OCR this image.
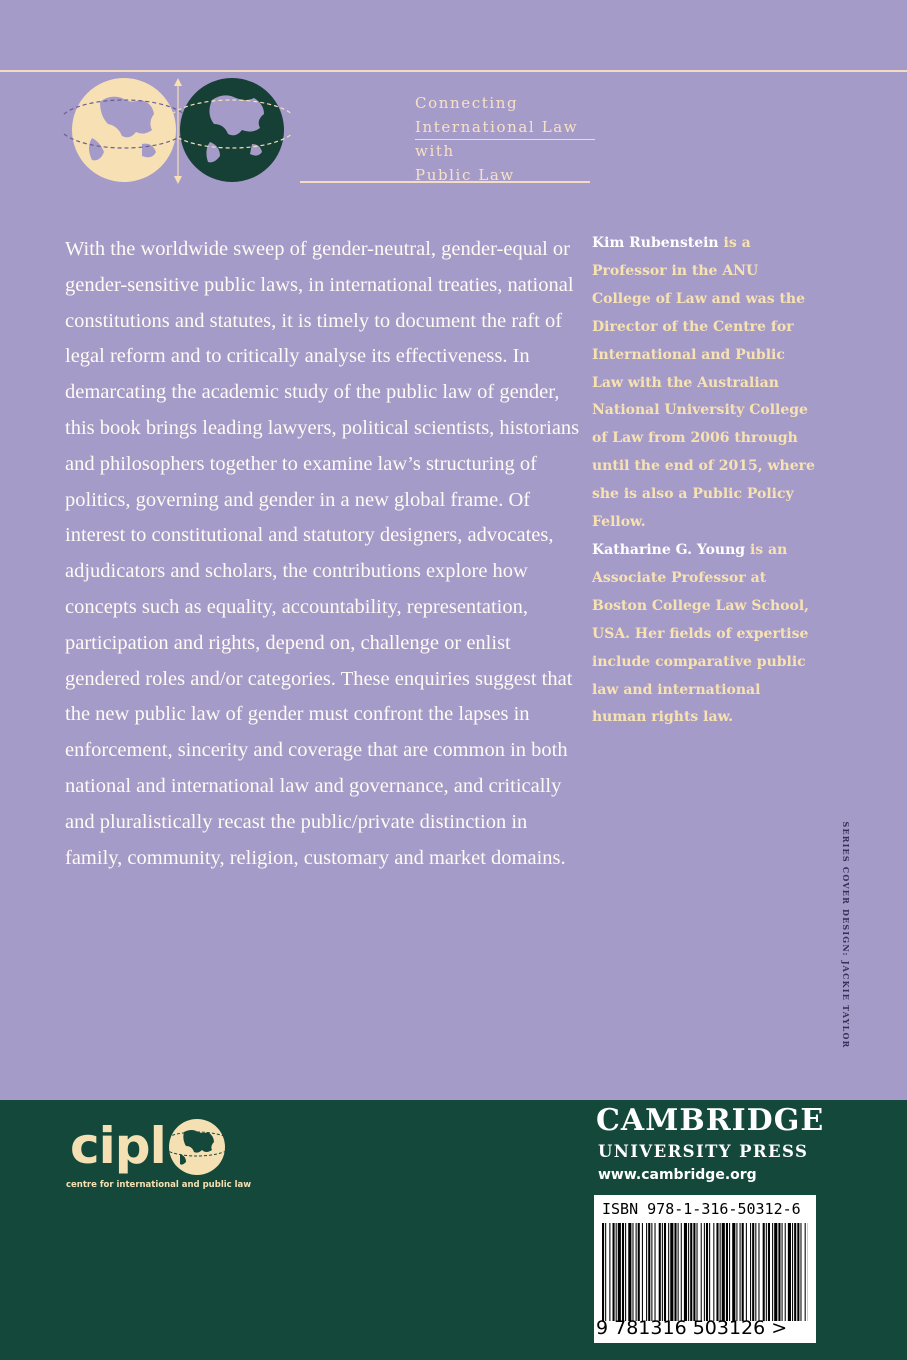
Connecting
International Law
with
Public Law

With the worldwide sweep of gender-neutral, gender-equal or gender-sensitive public laws, in international treaties, national constitutions and statutes, it is timely to document the raft of legal reform and to critically analyse its effectiveness. In demarcating the academic study of the public law of gender, this book brings leading lawyers, political scientists, historians and philosophers together to examine law’s structuring of politics, governing and gender in a new global frame. Of interest to constitutional and statutory designers, advocates, adjudicators and scholars, the contributions explore how concepts such as equality, accountability, representation, participation and rights, depend on, challenge or enlist gendered roles and/or categories. These enquiries suggest that the new public law of gender must confront the lapses in enforcement, sincerity and coverage that are common in both national and international law and governance, and critically and pluralistically recast the public/private distinction in family, community, religion, customary and market domains.

Kim Rubenstein is a Professor in the ANU College of Law and was the Director of the Centre for International and Public Law with the Australian National University College of Law from 2006 through until the end of 2015, where she is also a Public Policy Fellow.

Katharine G. Young is an Associate Professor at Boston College Law School, USA. Her fields of expertise include comparative public law and international human rights law.

SERIES COVER DESIGN: JACKIE TAYLOR

cipl

centre for international and public law

CAMBRIDGE

UNIVERSITY PRESS

www.cambridge.org

ISBN 978-1-316-50312-6

9 781316 503126 >
